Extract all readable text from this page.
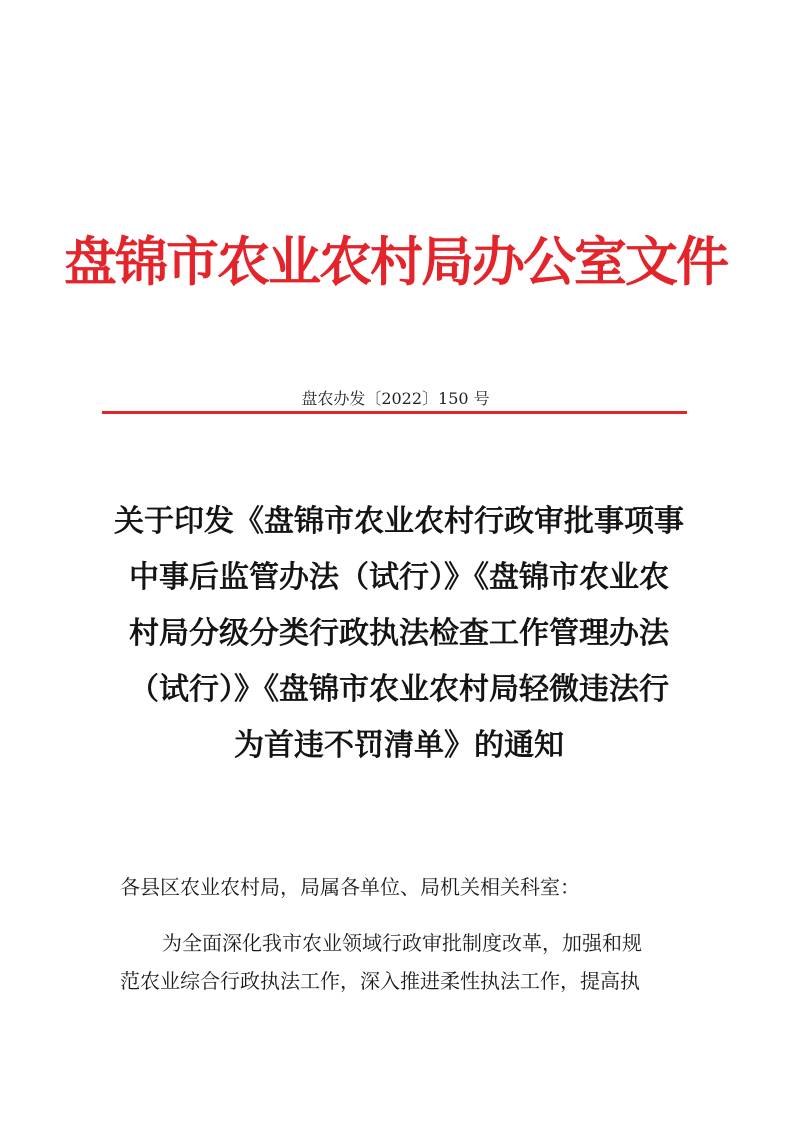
盘锦市农业农村局办公室文件
盘农办发〔2022〕150 号
关于印发《盘锦市农业农村行政审批事项事
中事后监管办法（试行）》《盘锦市农业农
村局分级分类行政执法检查工作管理办法
（试行）》《盘锦市农业农村局轻微违法行
为首违不罚清单》的通知
各县区农业农村局，局属各单位、局机关相关科室：
为全面深化我市农业领域行政审批制度改革，加强和规
范农业综合行政执法工作，深入推进柔性执法工作，提高执
